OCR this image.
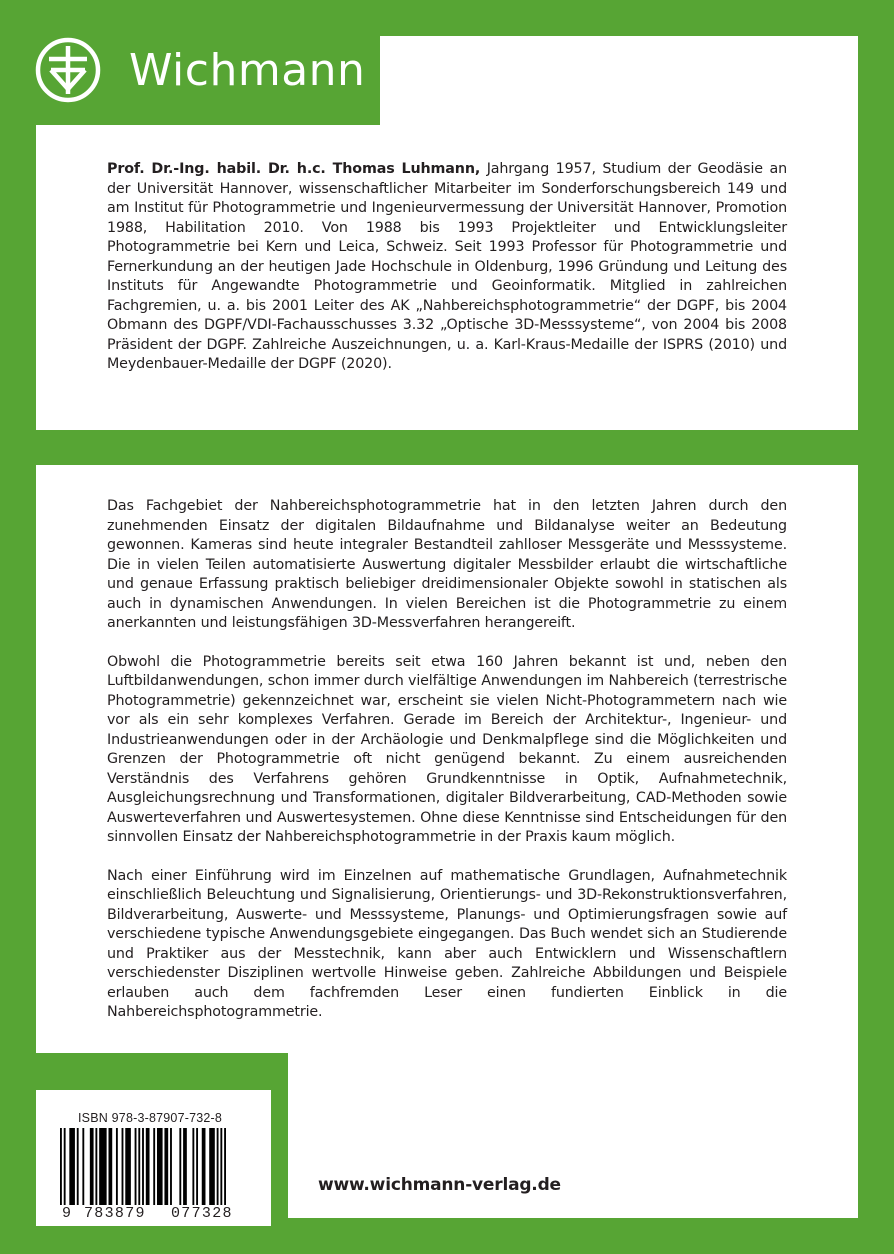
Wichmann
Prof. Dr.-Ing. habil. Dr. h.c. Thomas Luhmann, Jahrgang 1957, Studium der Geodäsie an der Universität Hannover, wissenschaftlicher Mitarbeiter im Sonderforschungsbereich 149 und am Institut für Photogrammetrie und Ingenieurvermessung der Universität Hannover, Promotion 1988, Habilitation 2010. Von 1988 bis 1993 Projektleiter und Entwicklungsleiter Photogrammetrie bei Kern und Leica, Schweiz. Seit 1993 Professor für Photogrammetrie und Fernerkundung an der heutigen Jade Hochschule in Oldenburg, 1996 Gründung und Leitung des Instituts für Angewandte Photogrammetrie und Geoinformatik. Mitglied in zahlreichen Fachgremien, u. a. bis 2001 Leiter des AK „Nahbereichsphotogrammetrie“ der DGPF, bis 2004 Obmann des DGPF/VDI-Fachausschusses 3.32 „Optische 3D-Messsysteme“, von 2004 bis 2008 Präsident der DGPF. Zahlreiche Auszeichnungen, u. a. Karl-Kraus-Medaille der ISPRS (2010) und Meydenbauer-Medaille der DGPF (2020).

Das Fachgebiet der Nahbereichsphotogrammetrie hat in den letzten Jahren durch den zunehmenden Einsatz der digitalen Bildaufnahme und Bildanalyse weiter an Bedeutung gewonnen. Kameras sind heute integraler Bestandteil zahlloser Messgeräte und Messsysteme. Die in vielen Teilen automatisierte Auswertung digitaler Messbilder erlaubt die wirtschaftliche und genaue Erfassung praktisch beliebiger dreidimensionaler Objekte sowohl in statischen als auch in dynamischen Anwendungen. In vielen Bereichen ist die Photogrammetrie zu einem anerkannten und leistungsfähigen 3D-Messverfahren herangereift.

Obwohl die Photogrammetrie bereits seit etwa 160 Jahren bekannt ist und, neben den Luftbildanwendungen, schon immer durch vielfältige Anwendungen im Nahbereich (terrestrische Photogrammetrie) gekennzeichnet war, erscheint sie vielen Nicht-Photogrammetern nach wie vor als ein sehr komplexes Verfahren. Gerade im Bereich der Architektur-, Ingenieur- und Industrieanwendungen oder in der Archäologie und Denkmalpflege sind die Möglichkeiten und Grenzen der Photogrammetrie oft nicht genügend bekannt. Zu einem ausreichenden Verständnis des Verfahrens gehören Grundkenntnisse in Optik, Aufnahmetechnik, Ausgleichungsrechnung und Transformationen, digitaler Bildverarbeitung, CAD-Methoden sowie Auswerteverfahren und Auswertesystemen. Ohne diese Kenntnisse sind Entscheidungen für den sinnvollen Einsatz der Nahbereichsphotogrammetrie in der Praxis kaum möglich.

Nach einer Einführung wird im Einzelnen auf mathematische Grundlagen, Aufnahmetechnik einschließlich Beleuchtung und Signalisierung, Orientierungs- und 3D-Rekonstruktionsverfahren, Bildverarbeitung, Auswerte- und Messsysteme, Planungs- und Optimierungsfragen sowie auf verschiedene typische Anwendungsgebiete eingegangen. Das Buch wendet sich an Studierende und Praktiker aus der Messtechnik, kann aber auch Entwicklern und Wissenschaftlern verschiedenster Disziplinen wertvolle Hinweise geben. Zahlreiche Abbildungen und Beispiele erlauben auch dem fachfremden Leser einen fundierten Einblick in die Nahbereichsphotogrammetrie.

ISBN 978-3-87907-732-8
9 783879 077328
www.wichmann-verlag.de
